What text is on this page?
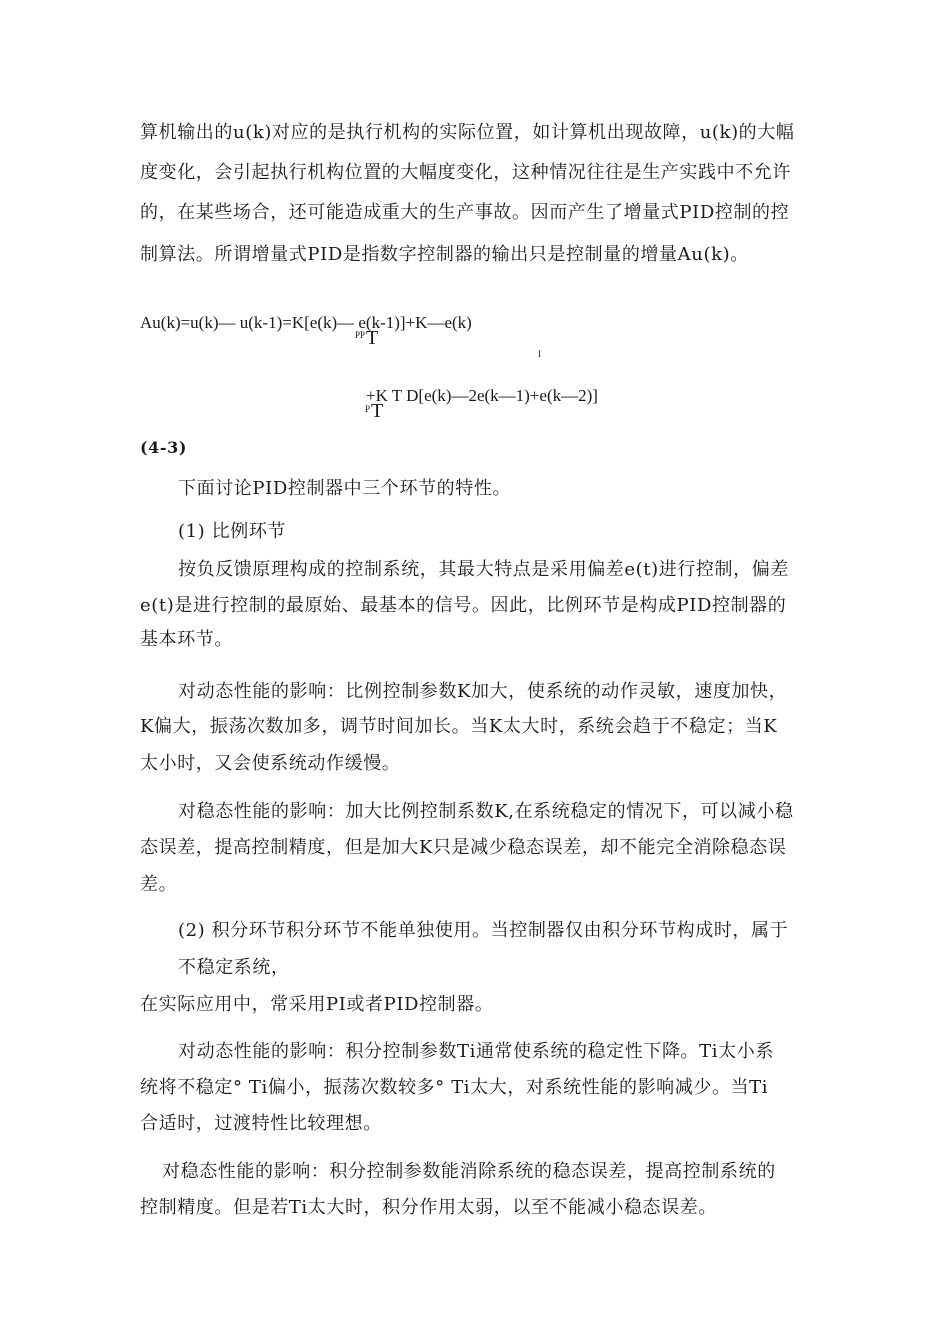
算机输出的u(k)对应的是执行机构的实际位置，如计算机出现故障，u(k)的大幅
度变化，会引起执行机构位置的大幅度变化，这种情况往往是生产实践中不允许
的，在某些场合，还可能造成重大的生产事故。因而产生了增量式PID控制的控
制算法。所谓增量式PID是指数字控制器的输出只是控制量的增量Au(k)。
Au(k)=u(k)— u(k-1)=K[e(k)— e(k-1)]+K—e(k)
PP T
I
+K T D[e(k)—2e(k—1)+e(k—2)]
P T
(4-3)
下面讨论PID控制器中三个环节的特性。
(1) 比例环节
按负反馈原理构成的控制系统，其最大特点是采用偏差e(t)进行控制，偏差
e(t)是进行控制的最原始、最基本的信号。因此，比例环节是构成PID控制器的
基本环节。
对动态性能的影响：比例控制参数K加大，使系统的动作灵敏，速度加快，
K偏大，振荡次数加多，调节时间加长。当K太大时，系统会趋于不稳定；当K
太小时，又会使系统动作缓慢。
对稳态性能的影响：加大比例控制系数K,在系统稳定的情况下，可以减小稳
态误差，提高控制精度，但是加大K只是减少稳态误差，却不能完全消除稳态误
差。
(2) 积分环节积分环节不能单独使用。当控制器仅由积分环节构成时，属于
不稳定系统，
在实际应用中，常采用PI或者PID控制器。
对动态性能的影响：积分控制参数Ti通常使系统的稳定性下降。Ti太小系
统将不稳定° Ti偏小，振荡次数较多° Ti太大，对系统性能的影响减少。当Ti
合适时，过渡特性比较理想。
对稳态性能的影响：积分控制参数能消除系统的稳态误差，提高控制系统的
控制精度。但是若Ti太大时，积分作用太弱，以至不能减小稳态误差。
